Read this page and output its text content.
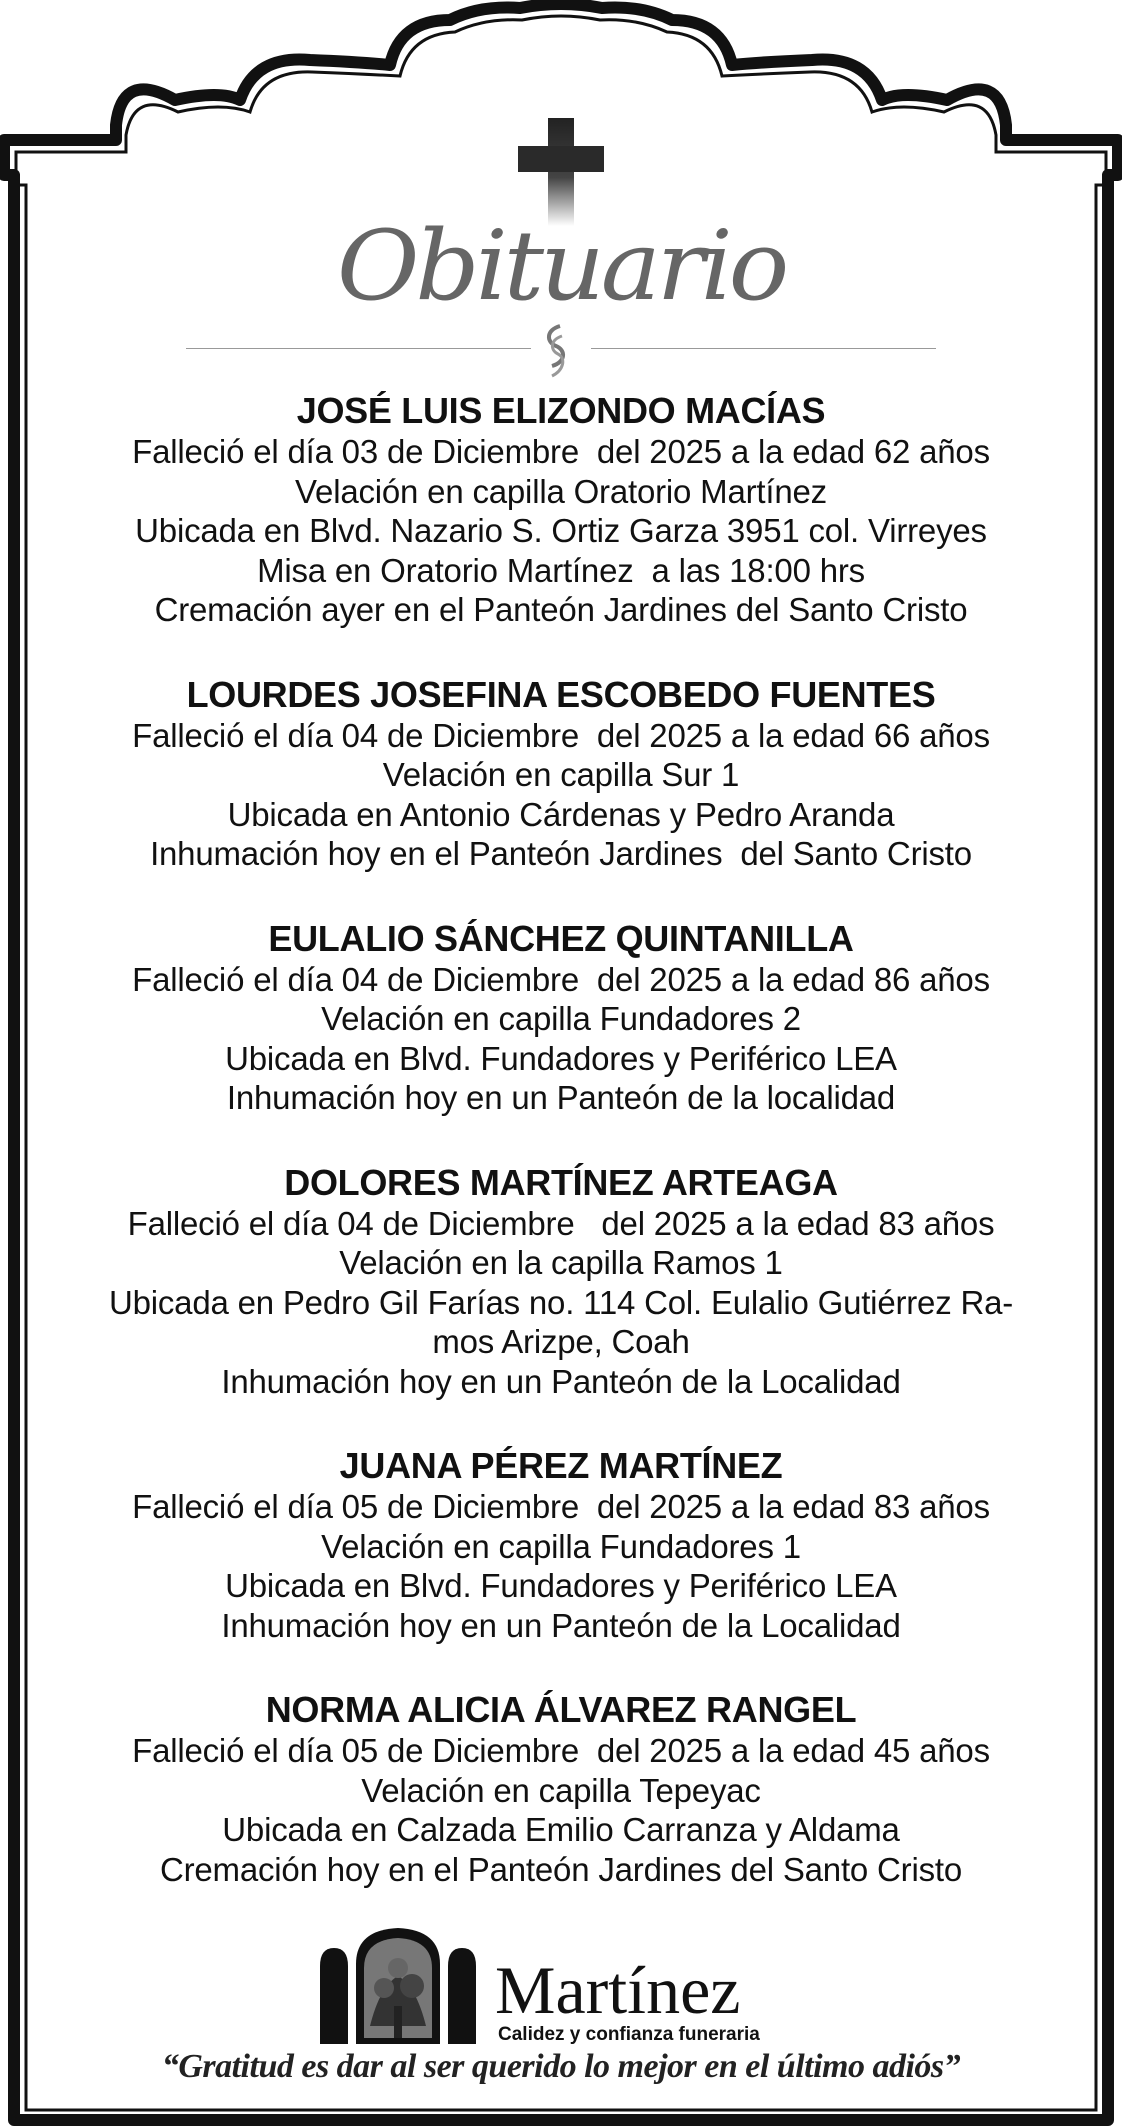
Obituario
JOSÉ LUIS ELIZONDO MACÍAS
Falleció el día 03 de Diciembre  del 2025 a la edad 62 años
Velación en capilla Oratorio Martínez
Ubicada en Blvd. Nazario S. Ortiz Garza 3951 col. Virreyes
Misa en Oratorio Martínez  a las 18:00 hrs
Cremación ayer en el Panteón Jardines del Santo Cristo
LOURDES JOSEFINA ESCOBEDO FUENTES
Falleció el día 04 de Diciembre  del 2025 a la edad 66 años
Velación en capilla Sur 1
Ubicada en Antonio Cárdenas y Pedro Aranda
Inhumación hoy en el Panteón Jardines  del Santo Cristo
EULALIO SÁNCHEZ QUINTANILLA
Falleció el día 04 de Diciembre  del 2025 a la edad 86 años
Velación en capilla Fundadores 2
Ubicada en Blvd. Fundadores y Periférico LEA
Inhumación hoy en un Panteón de la localidad
DOLORES MARTÍNEZ ARTEAGA
Falleció el día 04 de Diciembre   del 2025 a la edad 83 años
Velación en la capilla Ramos 1
Ubicada en Pedro Gil Farías no. 114 Col. Eulalio Gutiérrez Ra-
mos Arizpe, Coah
Inhumación hoy en un Panteón de la Localidad
JUANA PÉREZ MARTÍNEZ
Falleció el día 05 de Diciembre  del 2025 a la edad 83 años
Velación en capilla Fundadores 1
Ubicada en Blvd. Fundadores y Periférico LEA
Inhumación hoy en un Panteón de la Localidad
NORMA ALICIA ÁLVAREZ RANGEL
Falleció el día 05 de Diciembre  del 2025 a la edad 45 años
Velación en capilla Tepeyac
Ubicada en Calzada Emilio Carranza y Aldama
Cremación hoy en el Panteón Jardines del Santo Cristo
Martínez
Calidez y confianza funeraria
“Gratitud es dar al ser querido lo mejor en el último adiós”
